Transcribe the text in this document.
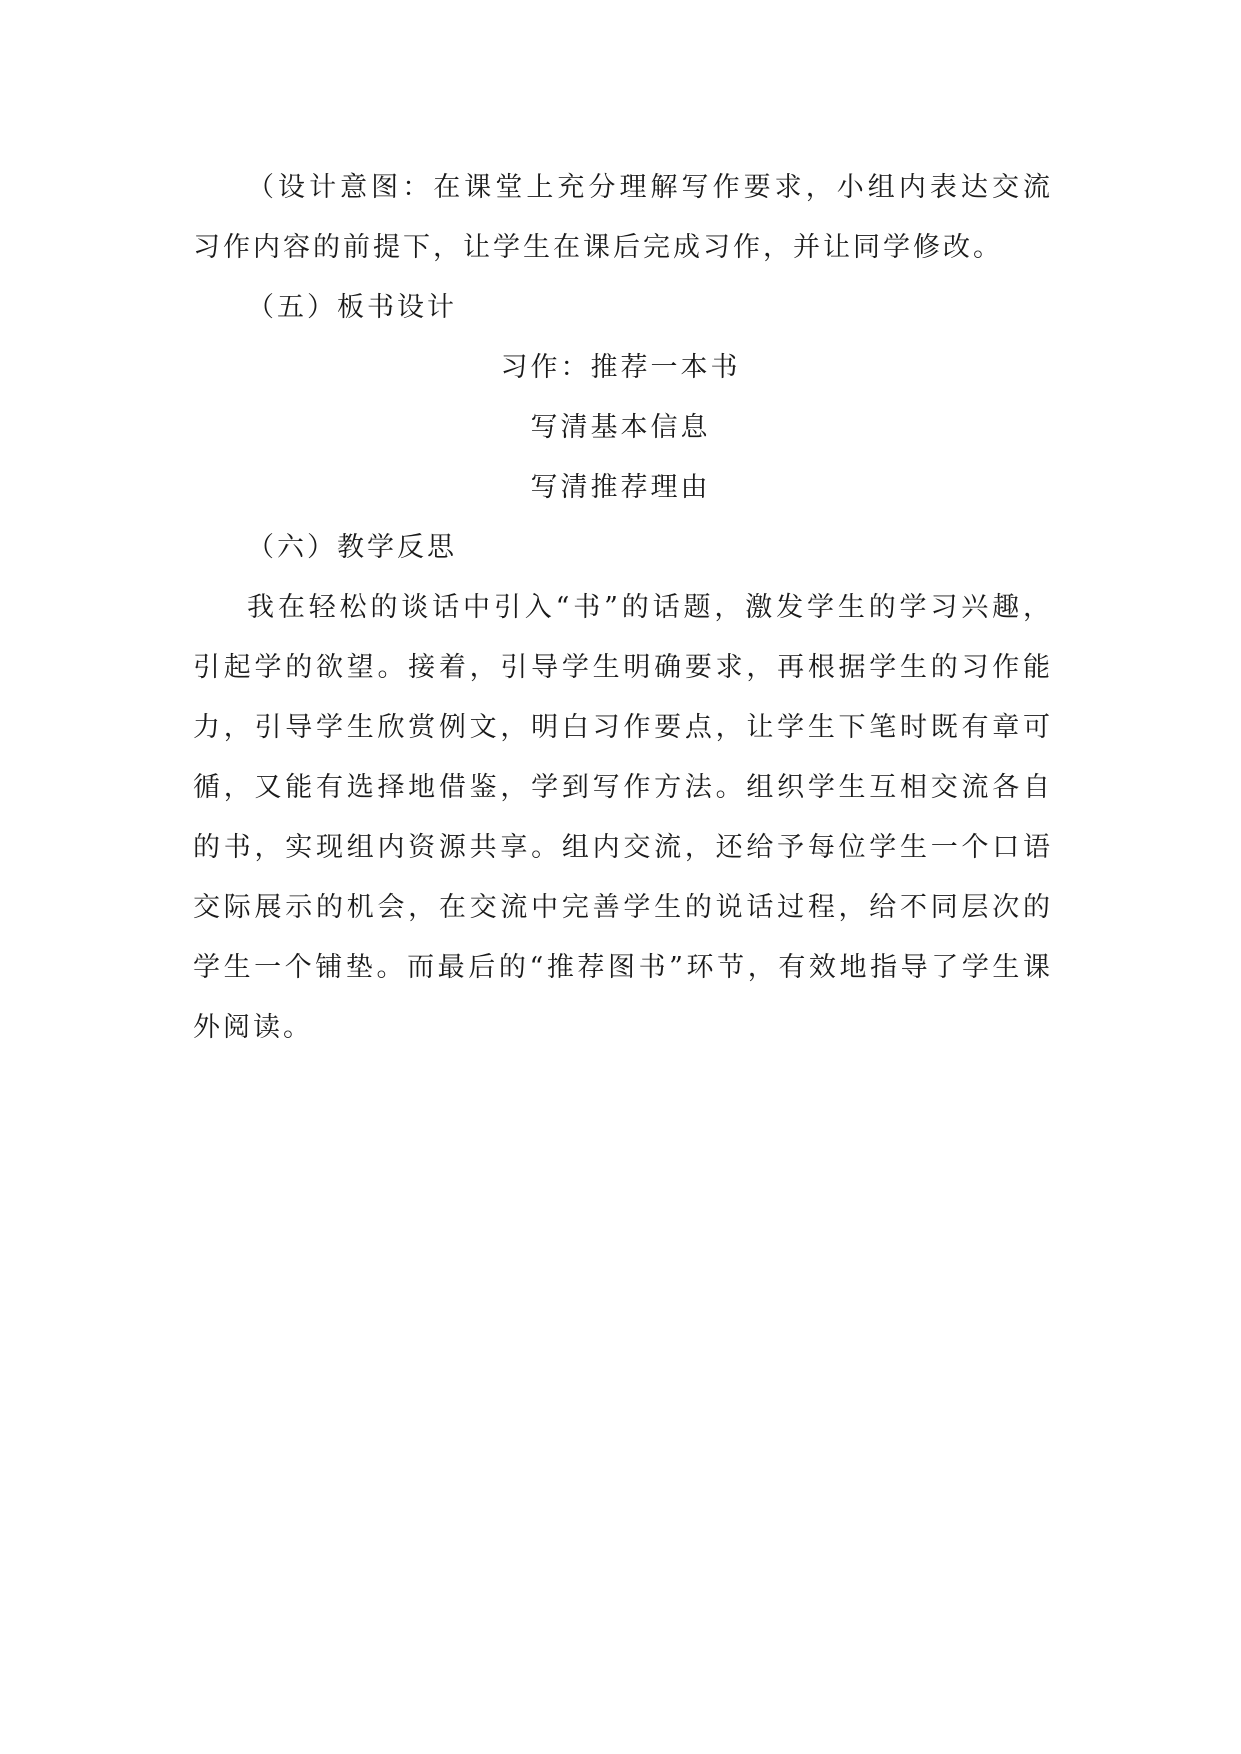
（设计意图：在课堂上充分理解写作要求，小组内表达交流习作内容的前提下，让学生在课后完成习作，并让同学修改。

（五）板书设计

习作：推荐一本书

写清基本信息

写清推荐理由

（六）教学反思

我在轻松的谈话中引入“书”的话题，激发学生的学习兴趣，引起学的欲望。接着，引导学生明确要求，再根据学生的习作能力，引导学生欣赏例文，明白习作要点，让学生下笔时既有章可循，又能有选择地借鉴，学到写作方法。组织学生互相交流各自的书，实现组内资源共享。组内交流，还给予每位学生一个口语交际展示的机会，在交流中完善学生的说话过程，给不同层次的学生一个铺垫。而最后的“推荐图书”环节，有效地指导了学生课外阅读。
